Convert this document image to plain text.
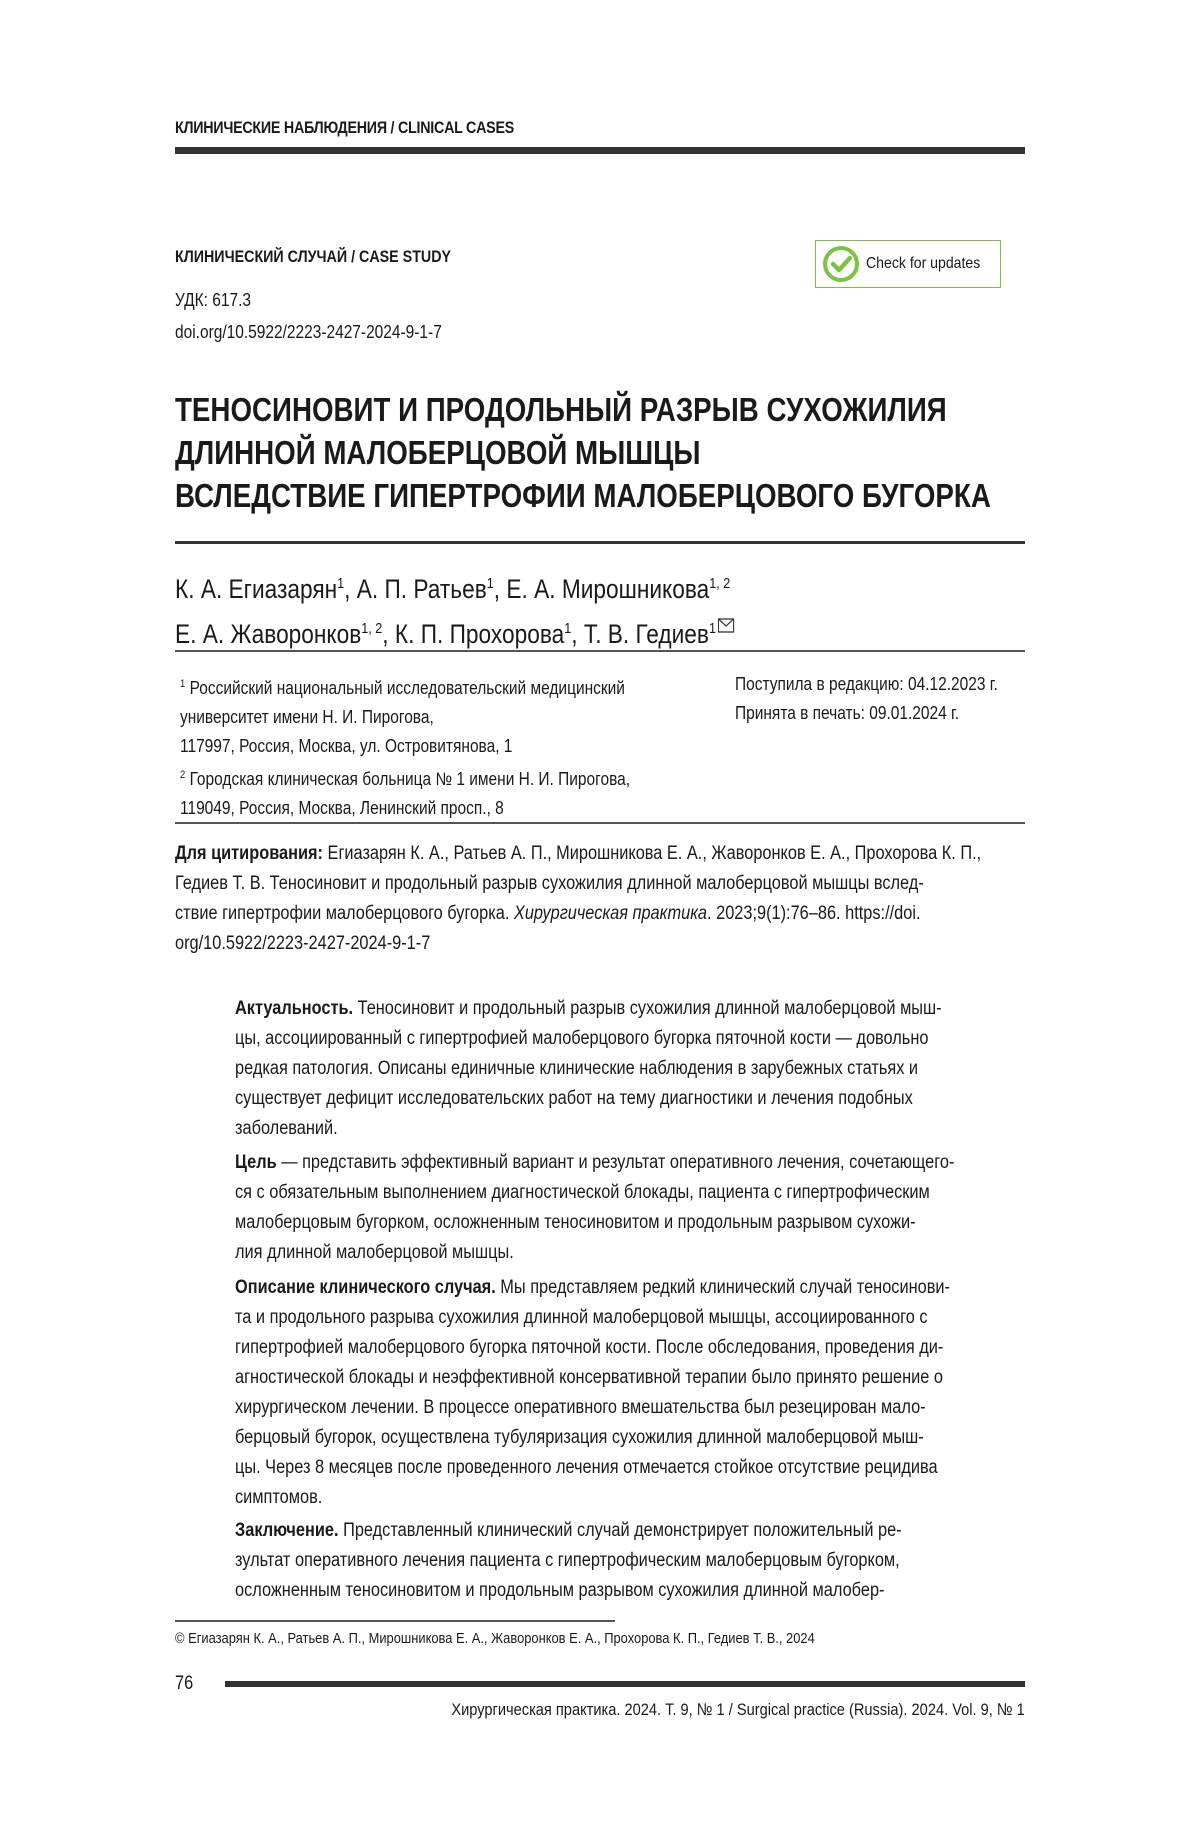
КЛИНИЧЕСКИЕ НАБЛЮДЕНИЯ / CLINICAL CASES
КЛИНИЧЕСКИЙ СЛУЧАЙ / CASE STUDY
УДК: 617.3
doi.org/10.5922/2223-2427-2024-9-1-7
Check for updates
ТЕНОСИНОВИТ И ПРОДОЛЬНЫЙ РАЗРЫВ СУХОЖИЛИЯ
ДЛИННОЙ МАЛОБЕРЦОВОЙ МЫШЦЫ
ВСЛЕДСТВИЕ ГИПЕРТРОФИИ МАЛОБЕРЦОВОГО БУГОРКА
К. А. Егиазарян$^1$, А. П. Ратьев$^1$, Е. А. Мирошникова$^{1, 2}$
Е. А. Жаворонков$^{1, 2}$, К. П. Прохорова$^1$, Т. В. Гедиев$^1$
$^1$ Российский национальный исследовательский медицинский
университет имени Н. И. Пирогова,
117997, Россия, Москва, ул. Островитянова, 1
$^2$ Городская клиническая больница № 1 имени Н. И. Пирогова,
119049, Россия, Москва, Ленинский просп., 8
Поступила в редакцию: 04.12.2023 г.
Принята в печать: 09.01.2024 г.
Для цитирования: Егиазарян К. А., Ратьев А. П., Мирошникова Е. А., Жаворонков Е. А., Прохорова К. П.,
Гедиев Т. В. Теносиновит и продольный разрыв сухожилия длинной малоберцовой мышцы вслед-
ствие гипертрофии малоберцового бугорка. Хирургическая практика. 2023;9(1):76–86. https://doi.
org/10.5922/2223-2427-2024-9-1-7
Актуальность. Теносиновит и продольный разрыв сухожилия длинной малоберцовой мыш-
цы, ассоциированный с гипертрофией малоберцового бугорка пяточной кости — довольно
редкая патология. Описаны единичные клинические наблюдения в зарубежных статьях и
существует дефицит исследовательских работ на тему диагностики и лечения подобных
заболеваний.
Цель — представить эффективный вариант и результат оперативного лечения, сочетающего-
ся с обязательным выполнением диагностической блокады, пациента с гипертрофическим
малоберцовым бугорком, осложненным теносиновитом и продольным разрывом сухожи-
лия длинной малоберцовой мышцы.
Описание клинического случая. Мы представляем редкий клинический случай теносинови-
та и продольного разрыва сухожилия длинной малоберцовой мышцы, ассоциированного с
гипертрофией малоберцового бугорка пяточной кости. После обследования, проведения ди-
агностической блокады и неэффективной консервативной терапии было принято решение о
хирургическом лечении. В процессе оперативного вмешательства был резецирован мало-
берцовый бугорок, осуществлена тубуляризация сухожилия длинной малоберцовой мыш-
цы. Через 8 месяцев после проведенного лечения отмечается стойкое отсутствие рецидива
симптомов.
Заключение. Представленный клинический случай демонстрирует положительный ре-
зультат оперативного лечения пациента с гипертрофическим малоберцовым бугорком,
осложненным теносиновитом и продольным разрывом сухожилия длинной малобер-
© Егиазарян К. А., Ратьев А. П., Мирошникова Е. А., Жаворонков Е. А., Прохорова К. П., Гедиев Т. В., 2024
76
Хирургическая практика. 2024. Т. 9, № 1 / Surgical practice (Russia). 2024. Vol. 9, № 1
